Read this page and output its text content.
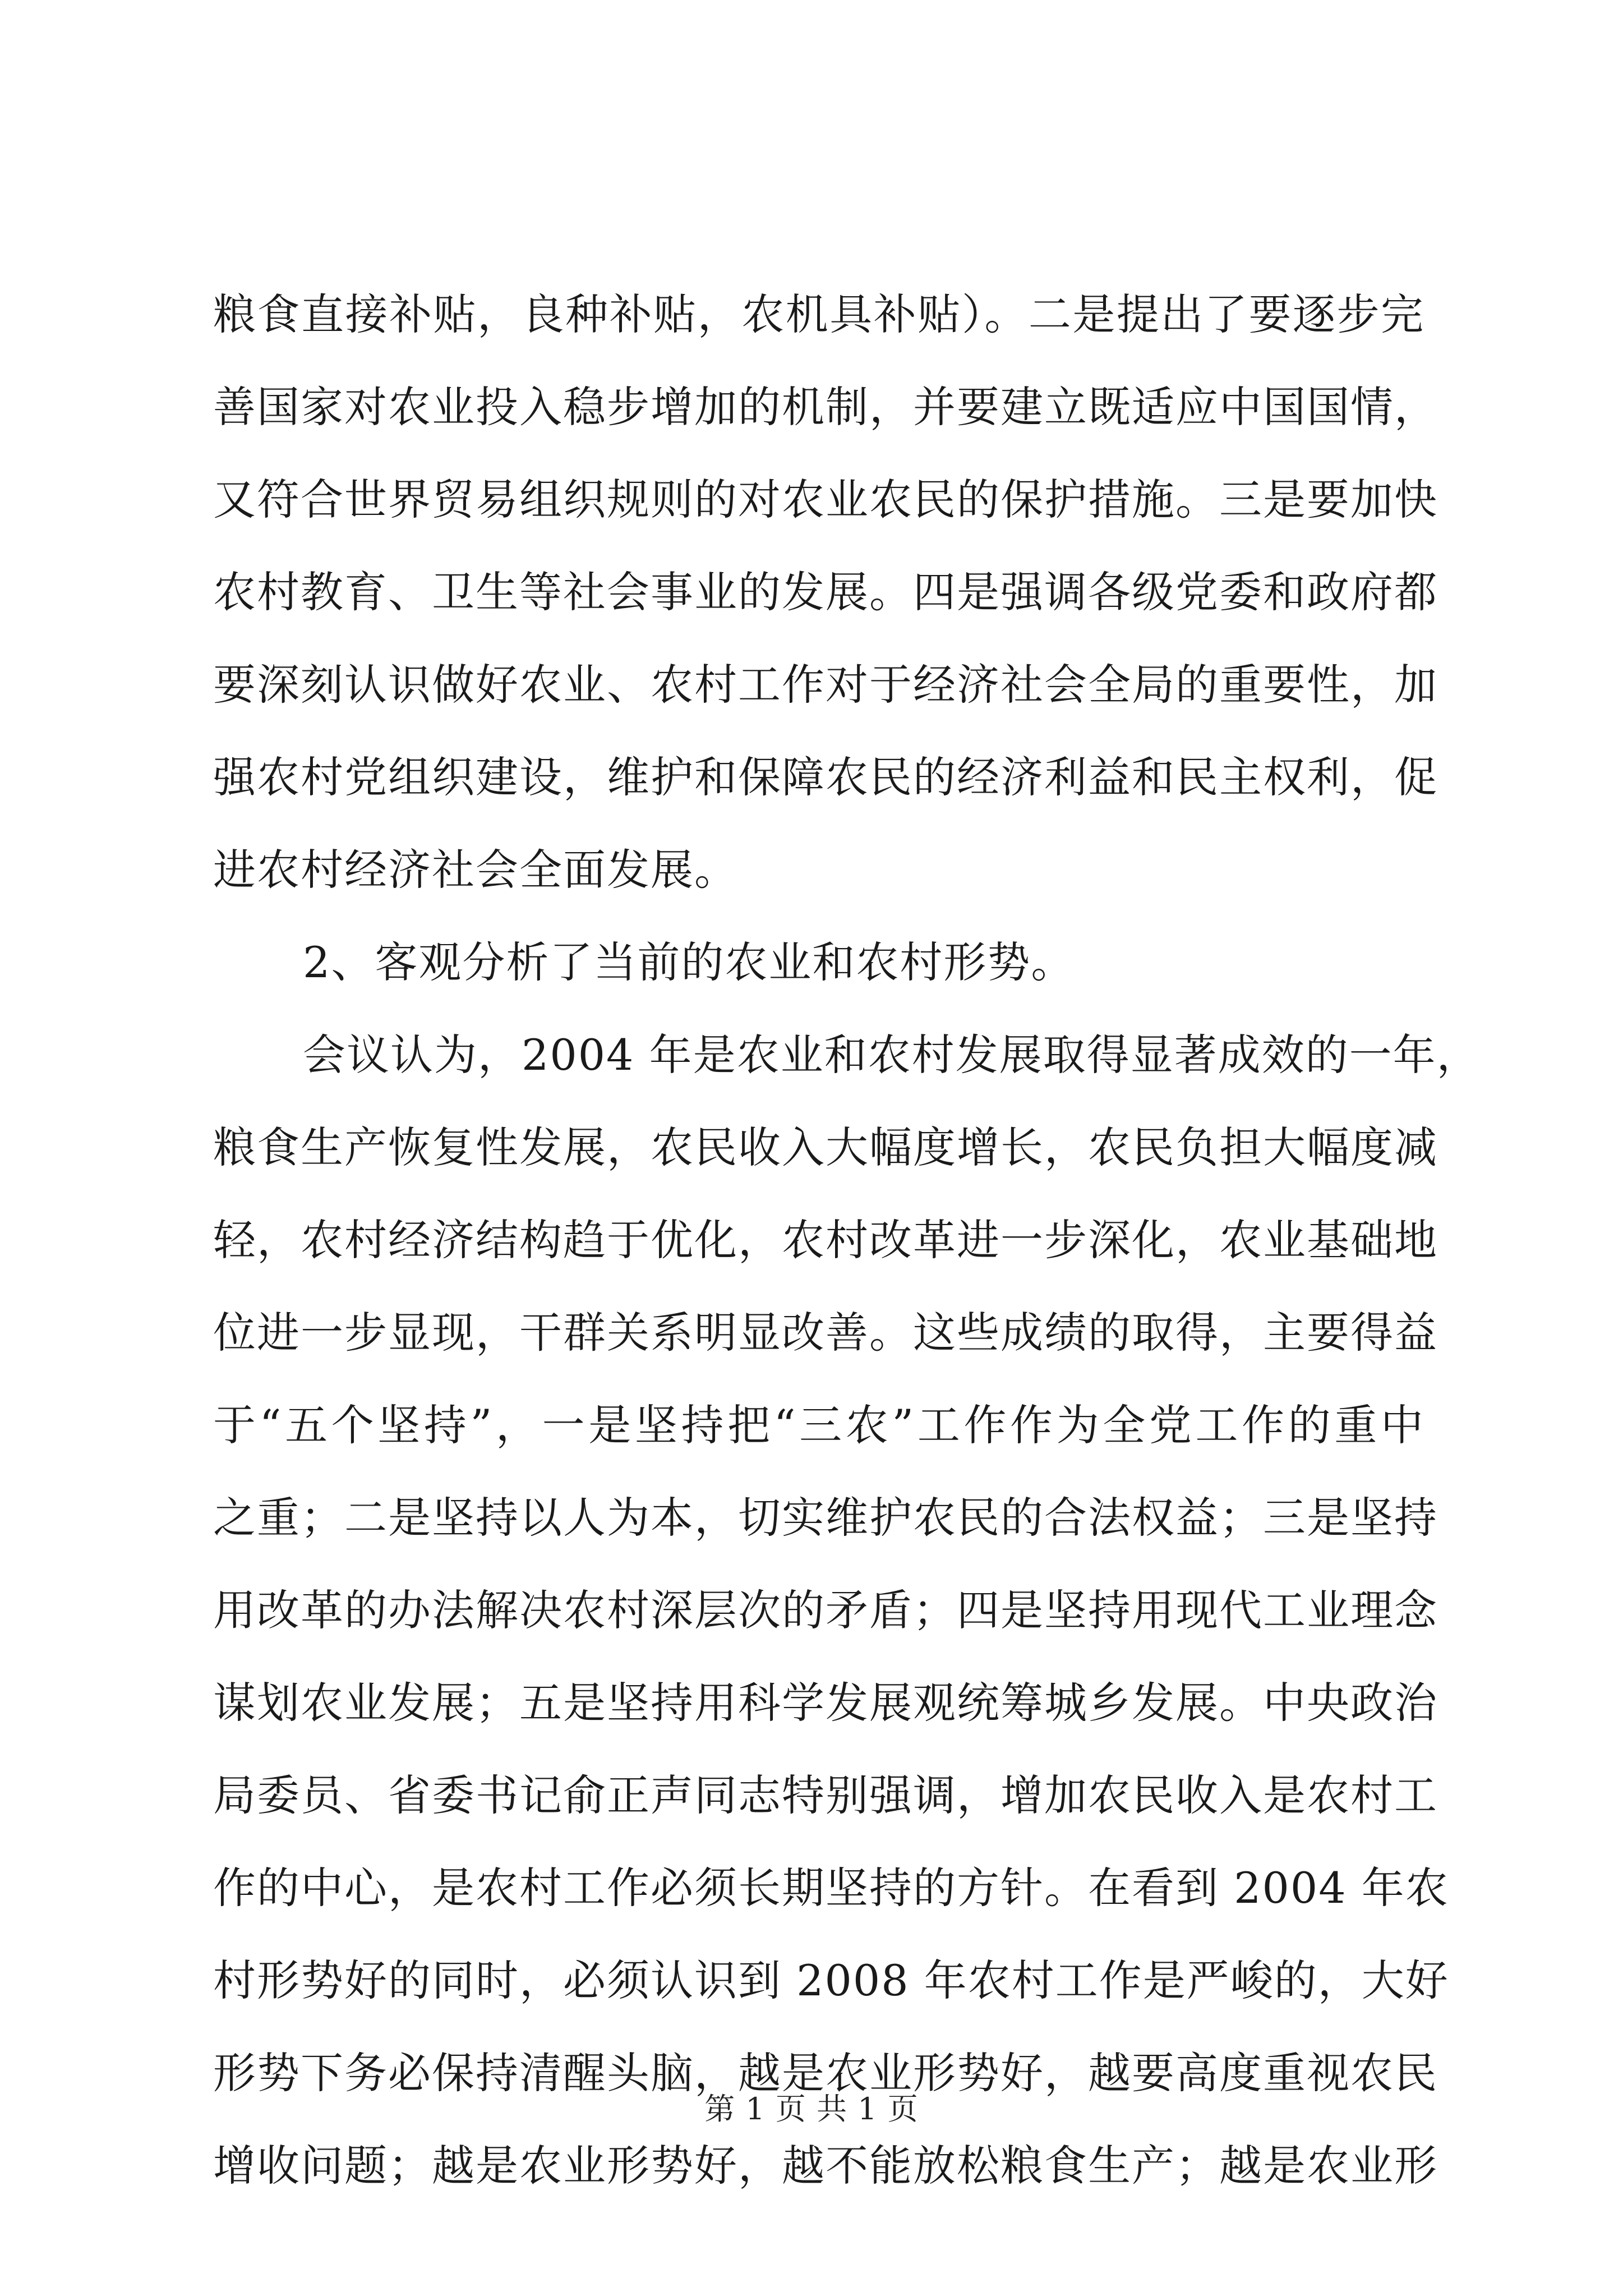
粮食直接补贴，良种补贴，农机具补贴）。二是提出了要逐步完
善国家对农业投入稳步增加的机制，并要建立既适应中国国情，
又符合世界贸易组织规则的对农业农民的保护措施。三是要加快
农村教育、卫生等社会事业的发展。四是强调各级党委和政府都
要深刻认识做好农业、农村工作对于经济社会全局的重要性，加
强农村党组织建设，维护和保障农民的经济利益和民主权利，促
进农村经济社会全面发展。
2、客观分析了当前的农业和农村形势。
会议认为，2004 年是农业和农村发展取得显著成效的一年，
粮食生产恢复性发展，农民收入大幅度增长，农民负担大幅度减
轻，农村经济结构趋于优化，农村改革进一步深化，农业基础地
位进一步显现，干群关系明显改善。这些成绩的取得，主要得益
于“五个坚持”，一是坚持把“三农”工作作为全党工作的重中
之重；二是坚持以人为本，切实维护农民的合法权益；三是坚持
用改革的办法解决农村深层次的矛盾；四是坚持用现代工业理念
谋划农业发展；五是坚持用科学发展观统筹城乡发展。中央政治
局委员、省委书记俞正声同志特别强调，增加农民收入是农村工
作的中心，是农村工作必须长期坚持的方针。在看到 2004 年农
村形势好的同时，必须认识到 2008 年农村工作是严峻的，大好
形势下务必保持清醒头脑，越是农业形势好，越要高度重视农民
增收问题；越是农业形势好，越不能放松粮食生产；越是农业形
第 1 页 共 1 页
